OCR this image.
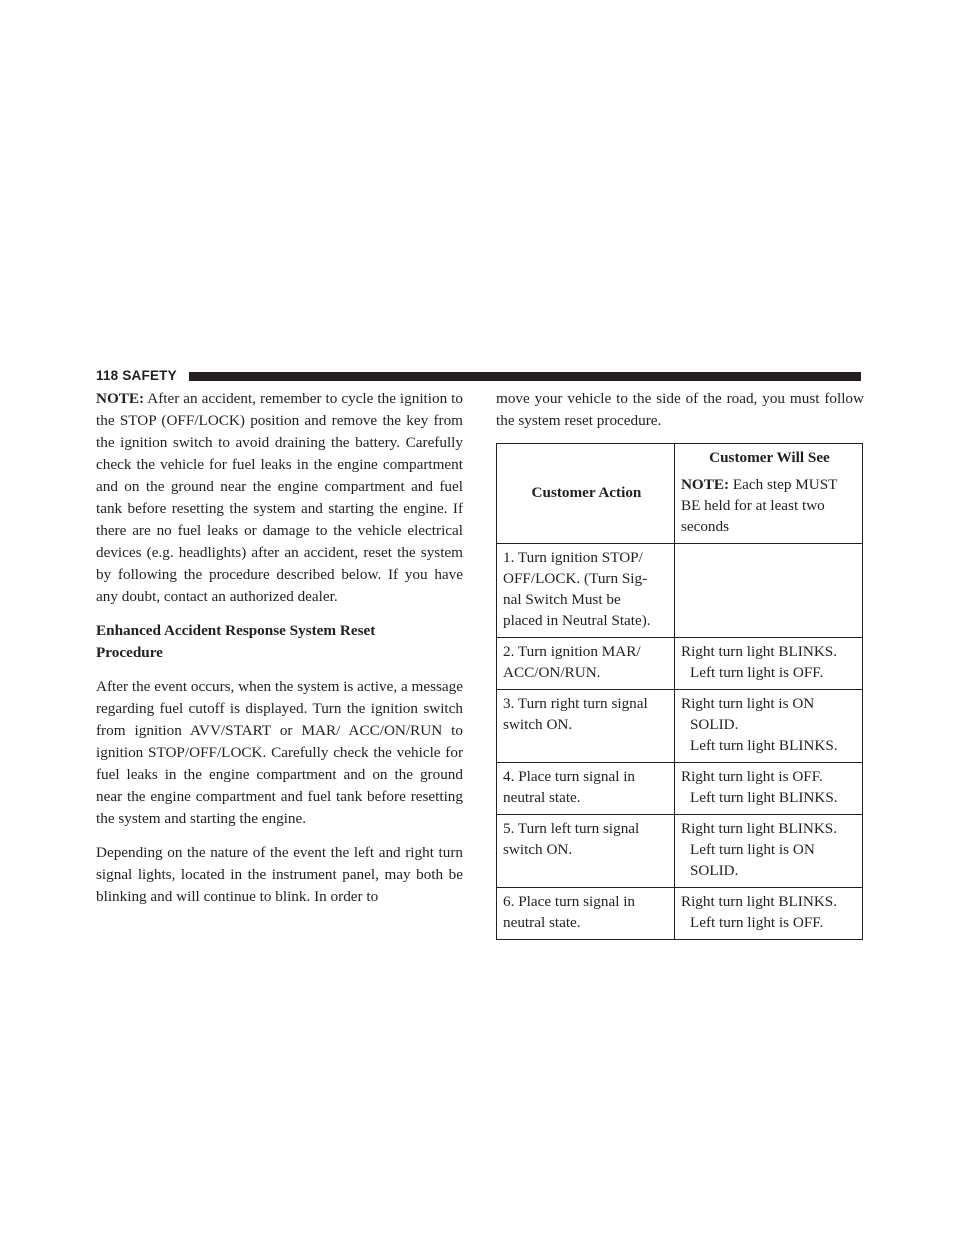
118 SAFETY

NOTE: After an accident, remember to cycle the ignition to the STOP (OFF/LOCK) position and remove the key from the ignition switch to avoid draining the battery. Carefully check the vehicle for fuel leaks in the engine compartment and on the ground near the engine compartment and fuel tank before resetting the system and starting the engine. If there are no fuel leaks or damage to the vehicle electrical devices (e.g. headlights) after an accident, reset the system by following the procedure described below. If you have any doubt, contact an authorized dealer.

Enhanced Accident Response System Reset
Procedure

After the event occurs, when the system is active, a message regarding fuel cutoff is displayed. Turn the ignition switch from ignition AVV/START or MAR/ ACC/ON/RUN to ignition STOP/OFF/LOCK. Carefully check the vehicle for fuel leaks in the engine compartment and on the ground near the engine compartment and fuel tank before resetting the system and starting the engine.

Depending on the nature of the event the left and right turn signal lights, located in the instrument panel, may both be blinking and will continue to blink. In order to

move your vehicle to the side of the road, you must follow the system reset procedure.

Customer Action	Customer Will See
NOTE: Each step MUST BE held for at least two seconds

1. Turn ignition STOP/
OFF/LOCK. (Turn Sig-
nal Switch Must be
placed in Neutral State).	

2. Turn ignition MAR/
ACC/ON/RUN.	Right turn light BLINKS.
Left turn light is OFF.

3. Turn right turn signal
switch ON.	Right turn light is ON
SOLID.
Left turn light BLINKS.

4. Place turn signal in
neutral state.	Right turn light is OFF.
Left turn light BLINKS.

5. Turn left turn signal
switch ON.	Right turn light BLINKS.
Left turn light is ON
SOLID.

6. Place turn signal in
neutral state.	Right turn light BLINKS.
Left turn light is OFF.
